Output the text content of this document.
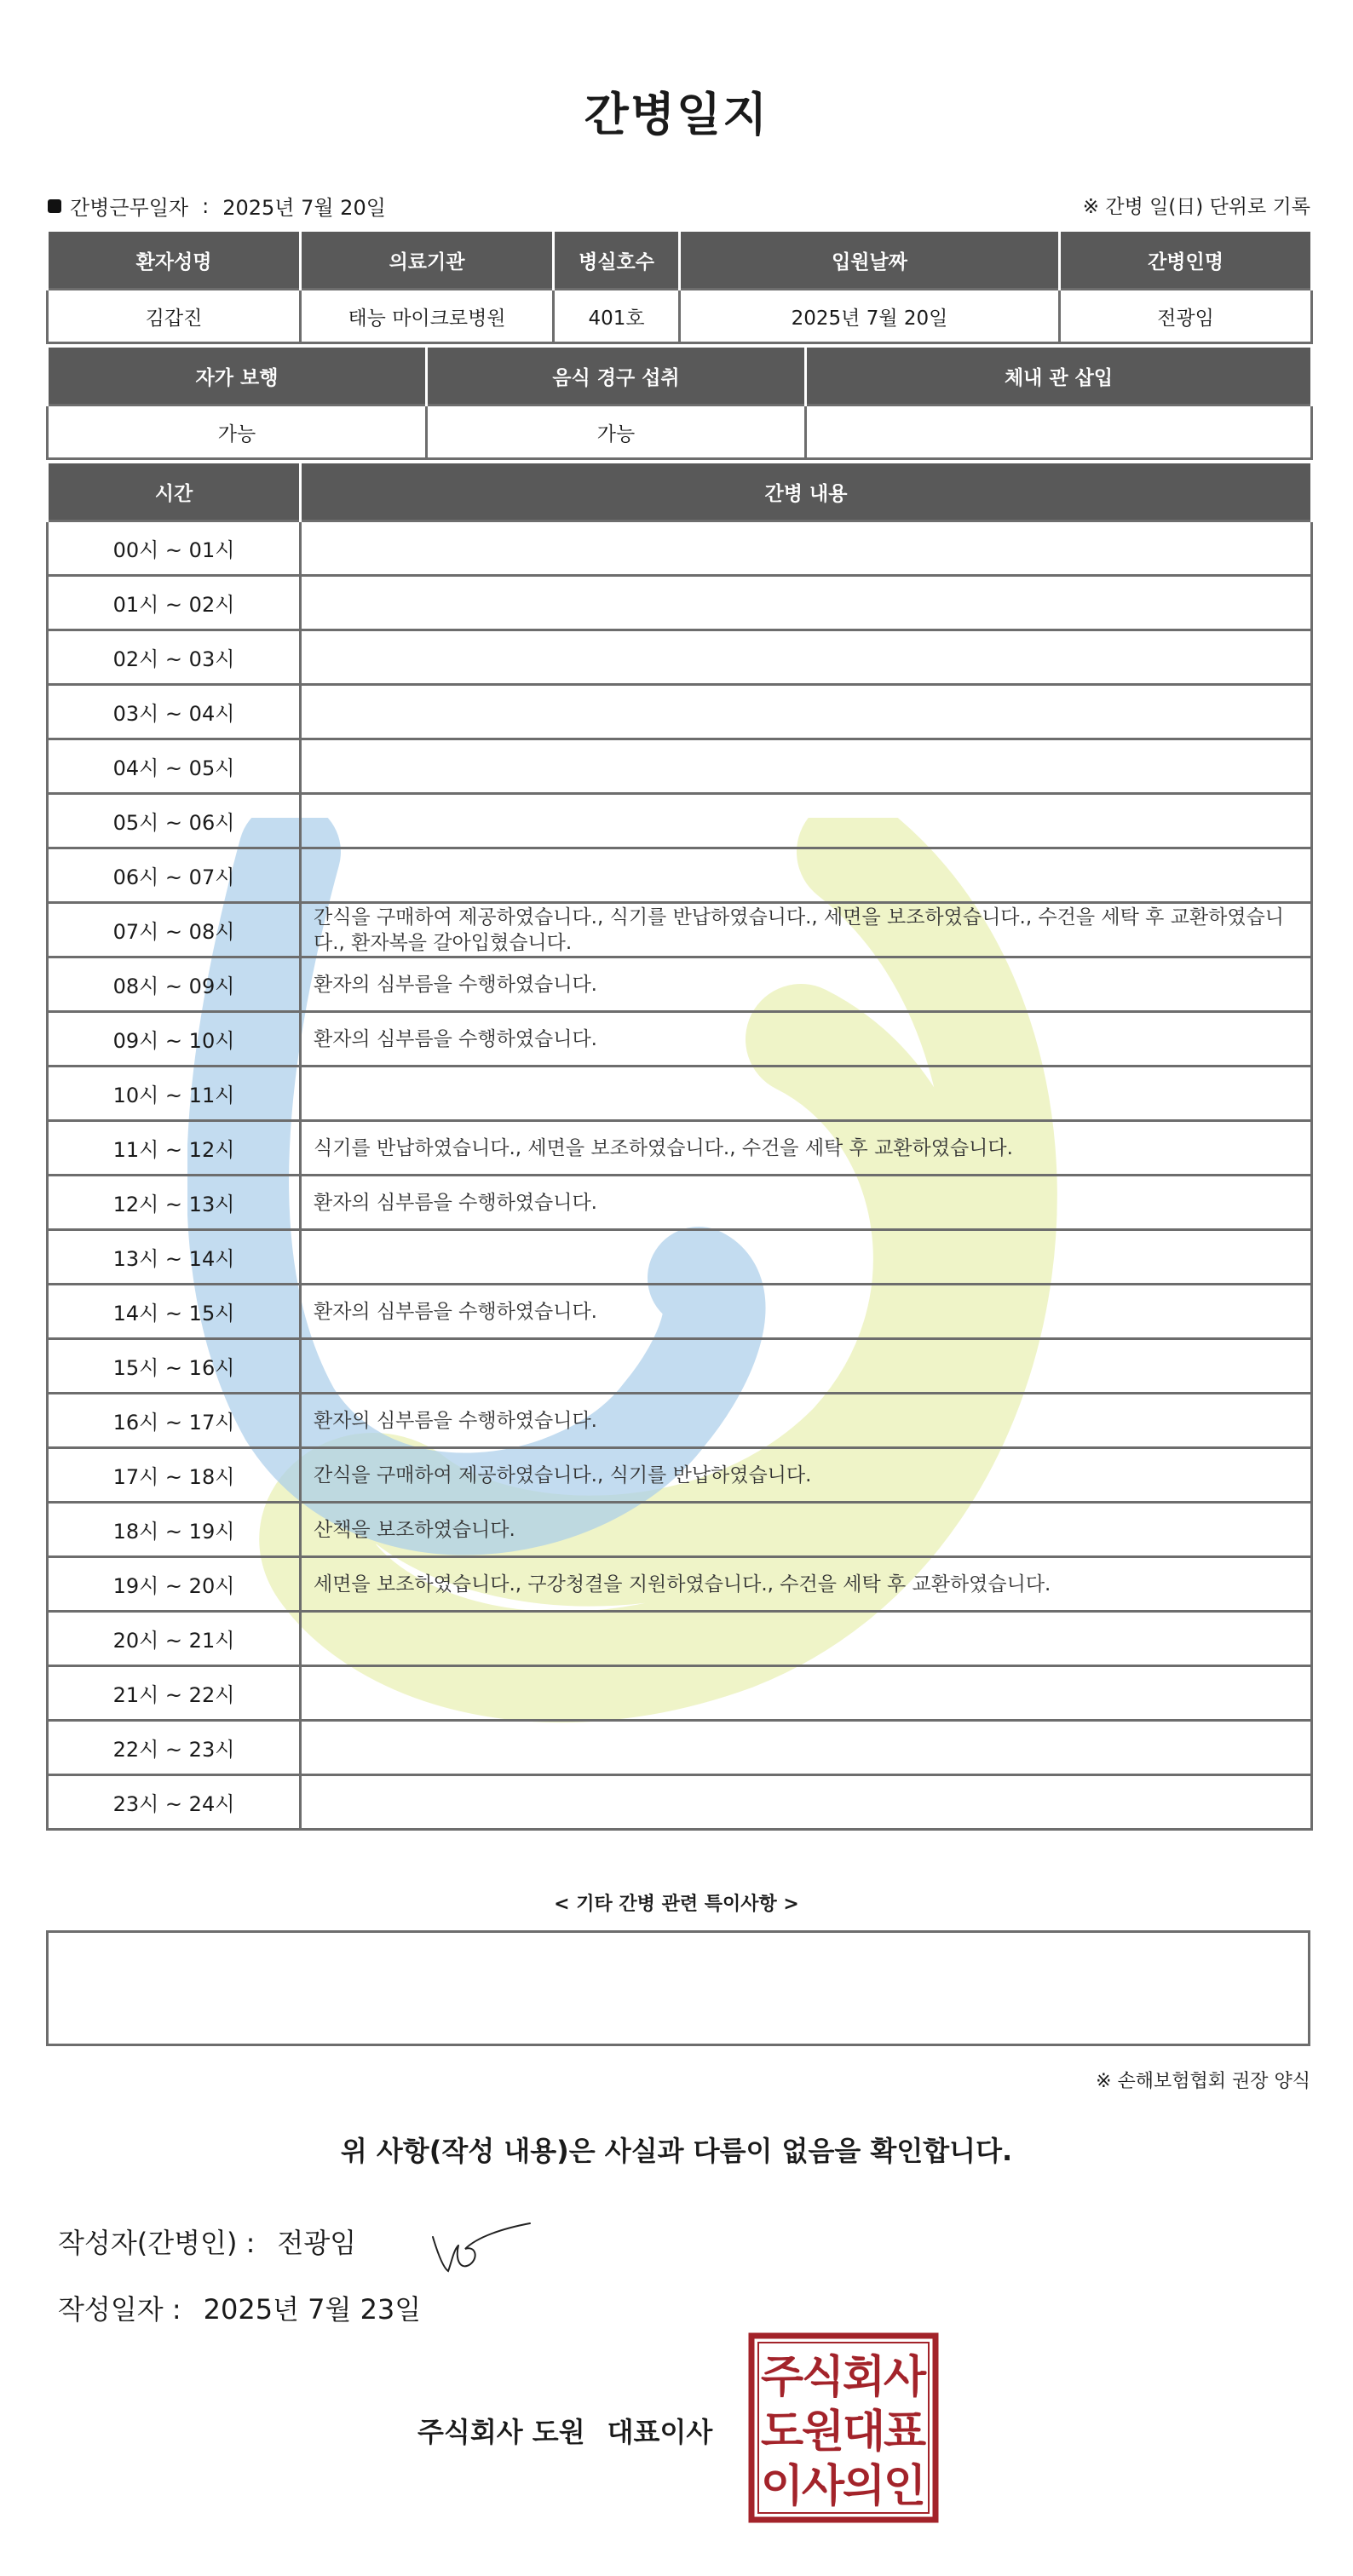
간병일지
간병근무일자 : 2025년 7월 20일	※ 간병 일(日) 단위로 기록
환자성명	의료기관	병실호수	입원날짜	간병인명
김갑진	태능 마이크로병원	401호	2025년 7월 20일	전광임
자가 보행	음식 경구 섭취	체내 관 삽입
가능	가능	
시간	간병 내용
00시 ~ 01시	
01시 ~ 02시	
02시 ~ 03시	
03시 ~ 04시	
04시 ~ 05시	
05시 ~ 06시	
06시 ~ 07시	
07시 ~ 08시	간식을 구매하여 제공하였습니다., 식기를 반납하였습니다., 세면을 보조하였습니다., 수건을 세탁 후 교환하였습니다., 환자복을 갈아입혔습니다.
08시 ~ 09시	환자의 심부름을 수행하였습니다.
09시 ~ 10시	환자의 심부름을 수행하였습니다.
10시 ~ 11시	
11시 ~ 12시	식기를 반납하였습니다., 세면을 보조하였습니다., 수건을 세탁 후 교환하였습니다.
12시 ~ 13시	환자의 심부름을 수행하였습니다.
13시 ~ 14시	
14시 ~ 15시	환자의 심부름을 수행하였습니다.
15시 ~ 16시	
16시 ~ 17시	환자의 심부름을 수행하였습니다.
17시 ~ 18시	간식을 구매하여 제공하였습니다., 식기를 반납하였습니다.
18시 ~ 19시	산책을 보조하였습니다.
19시 ~ 20시	세면을 보조하였습니다., 구강청결을 지원하였습니다., 수건을 세탁 후 교환하였습니다.
20시 ~ 21시	
21시 ~ 22시	
22시 ~ 23시	
23시 ~ 24시	
< 기타 간병 관련 특이사항 >
※ 손해보험협회 권장 양식
위 사항(작성 내용)은 사실과 다름이 없음을 확인합니다.
작성자(간병인) : 전광임
작성일자 : 2025년 7월 23일
주식회사 도원 대표이사
주
식
회
사
도
원
대
표
이
사
의
인
